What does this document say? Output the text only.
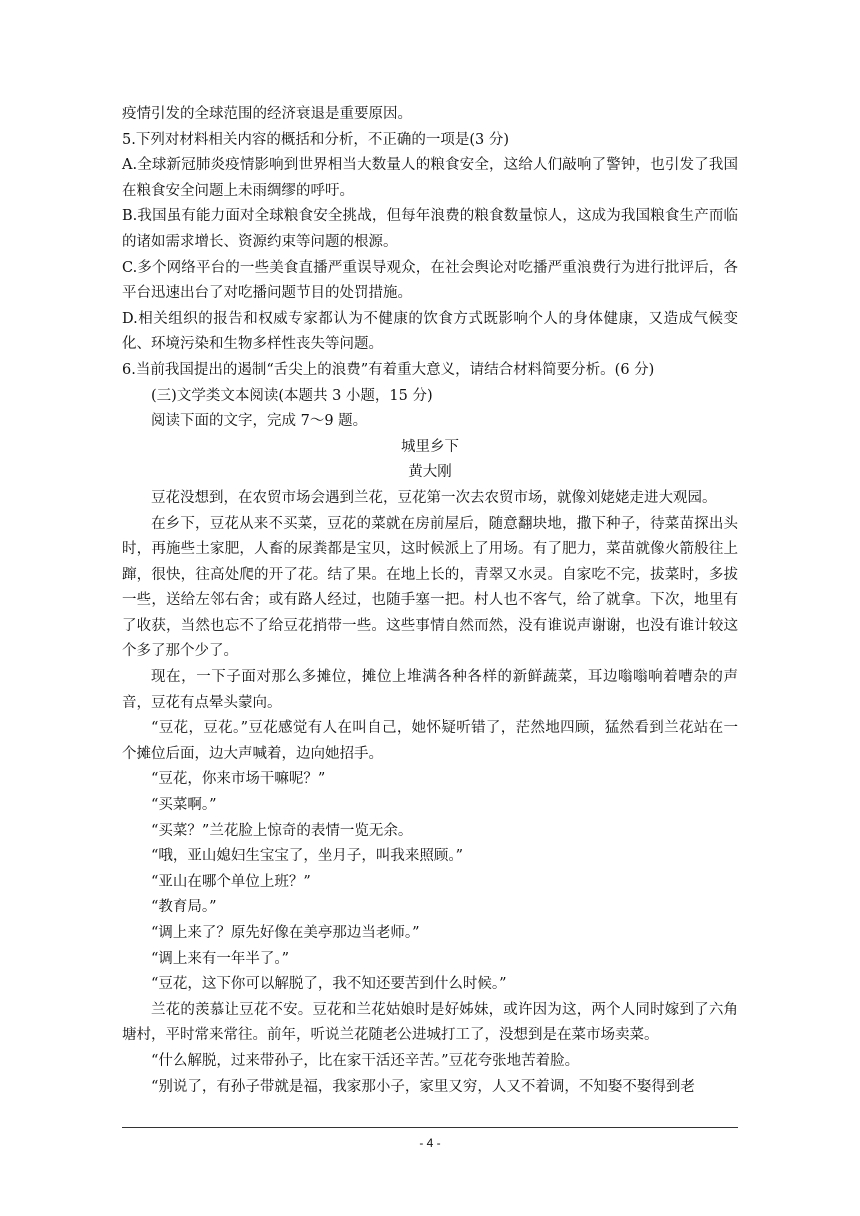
疫情引发的全球范围的经济衰退是重要原因。

5.下列对材料相关内容的概括和分析，不正确的一项是(3 分)

A.全球新冠肺炎疫情影响到世界相当大数量人的粮食安全，这给人们敲响了警钟，也引发了我国在粮食安全问题上未雨绸缪的呼吁。

B.我国虽有能力面对全球粮食安全挑战，但每年浪费的粮食数量惊人，这成为我国粮食生产而临的诸如需求增长、资源约束等问题的根源。

C.多个网络平台的一些美食直播严重误导观众，在社会舆论对吃播严重浪费行为进行批评后，各平台迅速出台了对吃播问题节目的处罚措施。

D.相关组织的报告和权威专家都认为不健康的饮食方式既影响个人的身体健康，又造成气候变化、环境污染和生物多样性丧失等问题。

6.当前我国提出的遏制“舌尖上的浪费”有着重大意义，请结合材料简要分析。(6 分)

(三)文学类文本阅读(本题共 3 小题，15 分)

阅读下面的文字，完成 7～9 题。

城里乡下

黄大刚

豆花没想到，在农贸市场会遇到兰花，豆花第一次去农贸市场，就像刘姥姥走进大观园。

在乡下，豆花从来不买菜，豆花的菜就在房前屋后，随意翻块地，撒下种子，待菜苗探出头时，再施些土家肥，人畜的尿粪都是宝贝，这时候派上了用场。有了肥力，菜苗就像火箭般往上蹿，很快，往高处爬的开了花。结了果。在地上长的，青翠又水灵。自家吃不完，拔菜时，多拔一些，送给左邻右舍；或有路人经过，也随手塞一把。村人也不客气，给了就拿。下次，地里有了收获，当然也忘不了给豆花捎带一些。这些事情自然而然，没有谁说声谢谢，也没有谁计较这个多了那个少了。

现在，一下子面对那么多摊位，摊位上堆满各种各样的新鲜蔬菜，耳边嗡嗡响着嘈杂的声音，豆花有点晕头蒙向。

“豆花，豆花。”豆花感觉有人在叫自己，她怀疑听错了，茫然地四顾，猛然看到兰花站在一个摊位后面，边大声喊着，边向她招手。

“豆花，你来市场干嘛呢？”

“买菜啊。”

“买菜？”兰花脸上惊奇的表情一览无余。

“哦，亚山媳妇生宝宝了，坐月子，叫我来照顾。”

“亚山在哪个单位上班？”

“教育局。”

“调上来了？原先好像在美亭那边当老师。”

“调上来有一年半了。”

“豆花，这下你可以解脱了，我不知还要苦到什么时候。”

兰花的羡慕让豆花不安。豆花和兰花姑娘时是好姊妹，或许因为这，两个人同时嫁到了六角塘村，平时常来常往。前年，听说兰花随老公进城打工了，没想到是在菜市场卖菜。

“什么解脱，过来带孙子，比在家干活还辛苦。”豆花夸张地苦着脸。

“别说了，有孙子带就是福，我家那小子，家里又穷，人又不着调，不知娶不娶得到老

- 4 -
